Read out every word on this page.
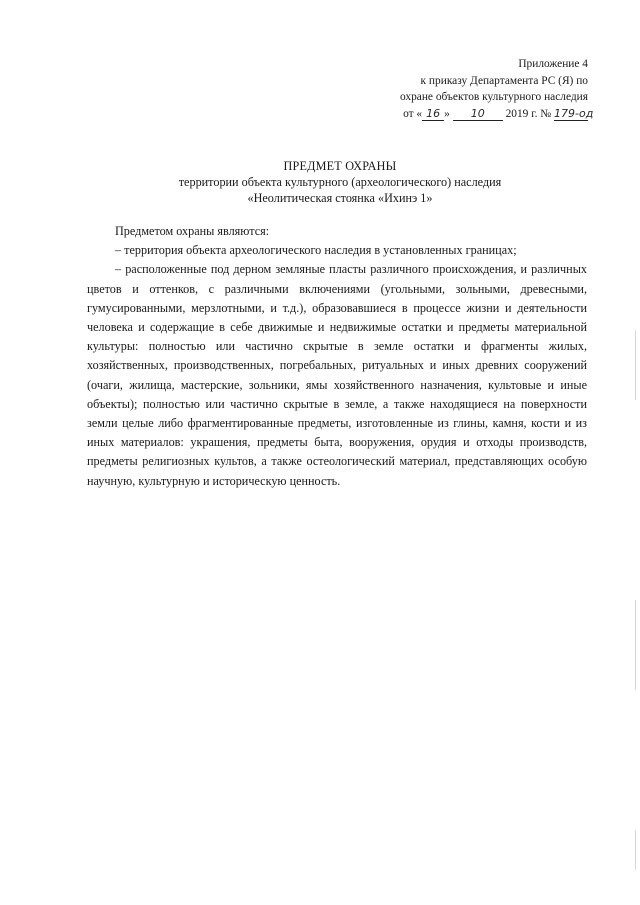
Приложение 4
к приказу Департамента РС (Я) по
охране объектов культурного наследия
от « 16 » 10 2019 г. № 179-од
ПРЕДМЕТ ОХРАНЫ
территории объекта культурного (археологического) наследия
«Неолитическая стоянка «Ихинэ 1»

Предметом охраны являются:

– территория объекта археологического наследия в установленных границах;

– расположенные под дерном земляные пласты различного происхождения, и различных цветов и оттенков, с различными включениями (угольными, зольными, древесными, гумусированными, мерзлотными, и т.д.), образовавшиеся в процессе жизни и деятельности человека и содержащие в себе движимые и недвижимые остатки и предметы материальной культуры: полностью или частично скрытые в земле остатки и фрагменты жилых, хозяйственных, производственных, погребальных, ритуальных и иных древних сооружений (очаги, жилища, мастерские, зольники, ямы хозяйственного назначения, культовые и иные объекты); полностью или частично скрытые в земле, а также находящиеся на поверхности земли целые либо фрагментированные предметы, изготовленные из глины, камня, кости и из иных материалов: украшения, предметы быта, вооружения, орудия и отходы производств, предметы религиозных культов, а также остеологический материал, представляющих особую научную, культурную и историческую ценность.
